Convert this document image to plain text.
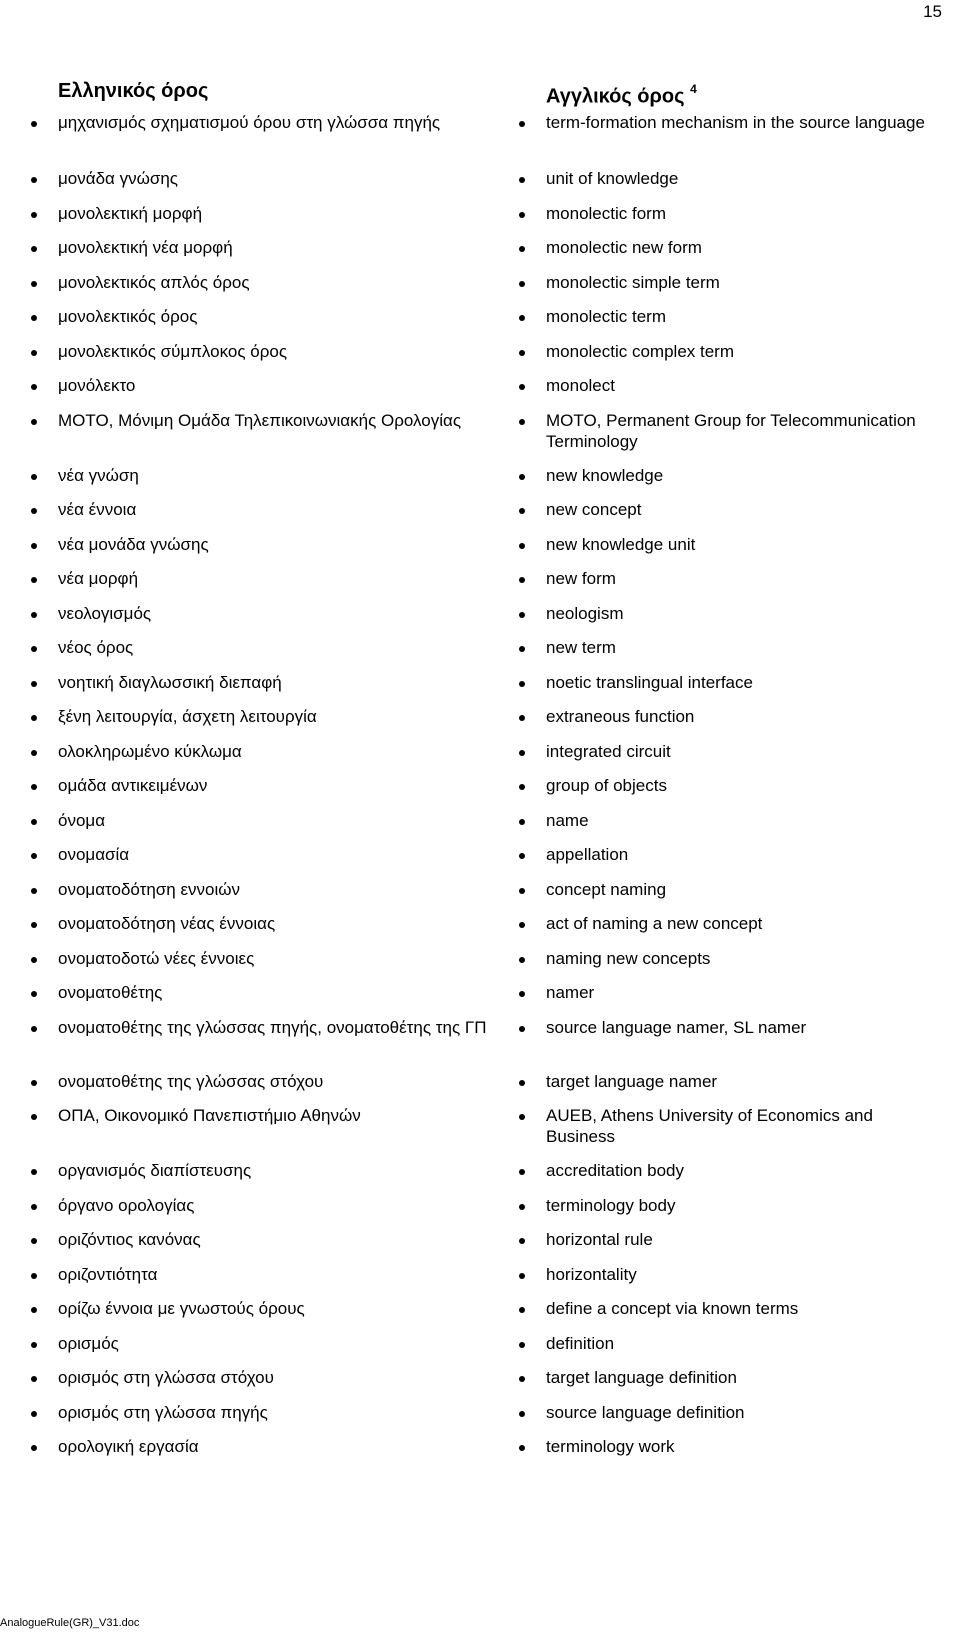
15
Ελληνικός όρος
μηχανισμός σχηματισμού όρου στη γλώσσα πηγής
μονάδα γνώσης
μονολεκτική μορφή
μονολεκτική νέα μορφή
μονολεκτικός απλός όρος
μονολεκτικός όρος
μονολεκτικός σύμπλοκος όρος
μονόλεκτο
ΜΟΤΟ, Μόνιμη Ομάδα Τηλεπικοινωνιακής Ορολογίας
νέα γνώση
νέα έννοια
νέα μονάδα γνώσης
νέα μορφή
νεολογισμός
νέος όρος
νοητική διαγλωσσική διεπαφή
ξένη λειτουργία, άσχετη λειτουργία
ολοκληρωμένο κύκλωμα
ομάδα αντικειμένων
όνομα
ονομασία
ονοματοδότηση εννοιών
ονοματοδότηση νέας έννοιας
ονοματοδοτώ νέες έννοιες
ονοματοθέτης
ονοματοθέτης της γλώσσας πηγής, ονοματοθέτης της ΓΠ
ονοματοθέτης της γλώσσας στόχου
ΟΠΑ, Οικονομικό Πανεπιστήμιο Αθηνών
οργανισμός διαπίστευσης
όργανο ορολογίας
οριζόντιος κανόνας
οριζοντιότητα
ορίζω έννοια με γνωστούς όρους
ορισμός
ορισμός στη γλώσσα στόχου
ορισμός στη γλώσσα πηγής
ορολογική εργασία
Αγγλικός όρος $^4$
term-formation mechanism in the source language
unit of knowledge
monolectic form
monolectic new form
monolectic simple term
monolectic term
monolectic complex term
monolect
MOTO, Permanent Group for Telecommunication Terminology
new knowledge
new concept
new knowledge unit
new form
neologism
new term
noetic translingual interface
extraneous function
integrated circuit
group of objects
name
appellation
concept naming
act of naming a new concept
naming new concepts
namer
source language namer, SL namer
target language namer
AUEB, Athens University of Economics and Business
accreditation body
terminology body
horizontal rule
horizontality
define a concept via known terms
definition
target language definition
source language definition
terminology work
AnalogueRule(GR)_V31.doc
